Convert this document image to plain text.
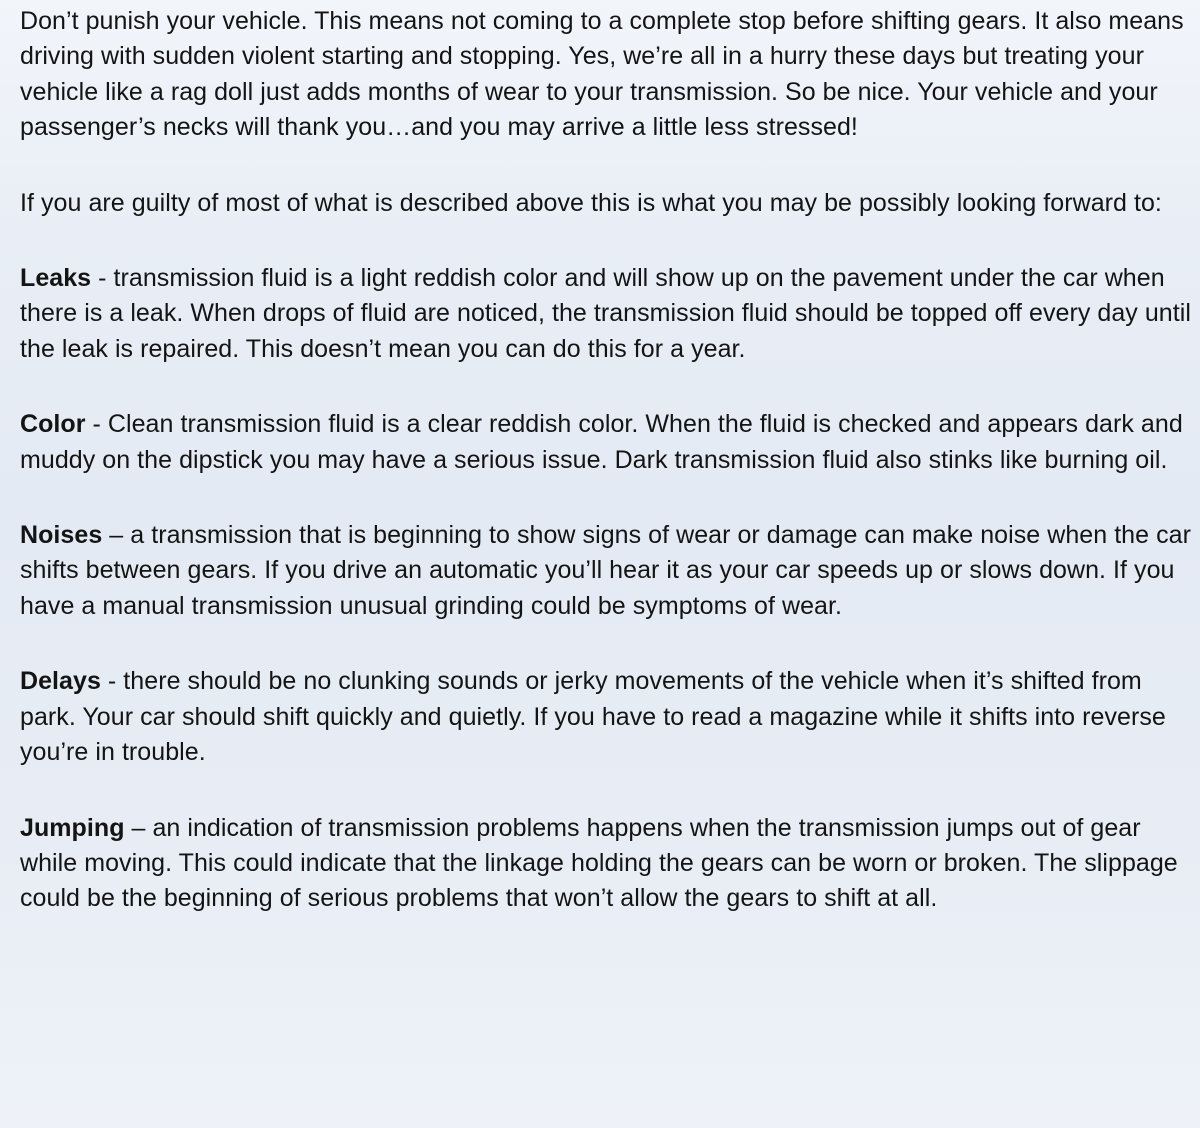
Don’t punish your vehicle. This means not coming to a complete stop before shifting gears. It also means driving with sudden violent starting and stopping. Yes, we’re all in a hurry these days but treating your vehicle like a rag doll just adds months of wear to your transmission. So be nice. Your vehicle and your passenger’s necks will thank you…and you may arrive a little less stressed!

If you are guilty of most of what is described above this is what you may be possibly looking forward to:

Leaks - transmission fluid is a light reddish color and will show up on the pavement under the car when there is a leak. When drops of fluid are noticed, the transmission fluid should be topped off every day until the leak is repaired. This doesn’t mean you can do this for a year.

Color - Clean transmission fluid is a clear reddish color. When the fluid is checked and appears dark and muddy on the dipstick you may have a serious issue. Dark transmission fluid also stinks like burning oil.

Noises – a transmission that is beginning to show signs of wear or damage can make noise when the car shifts between gears. If you drive an automatic you’ll hear it as your car speeds up or slows down. If you have a manual transmission unusual grinding could be symptoms of wear.

Delays - there should be no clunking sounds or jerky movements of the vehicle when it’s shifted from park. Your car should shift quickly and quietly. If you have to read a magazine while it shifts into reverse you’re in trouble.

Jumping – an indication of transmission problems happens when the transmission jumps out of gear while moving. This could indicate that the linkage holding the gears can be worn or broken. The slippage could be the beginning of serious problems that won’t allow the gears to shift at all.
